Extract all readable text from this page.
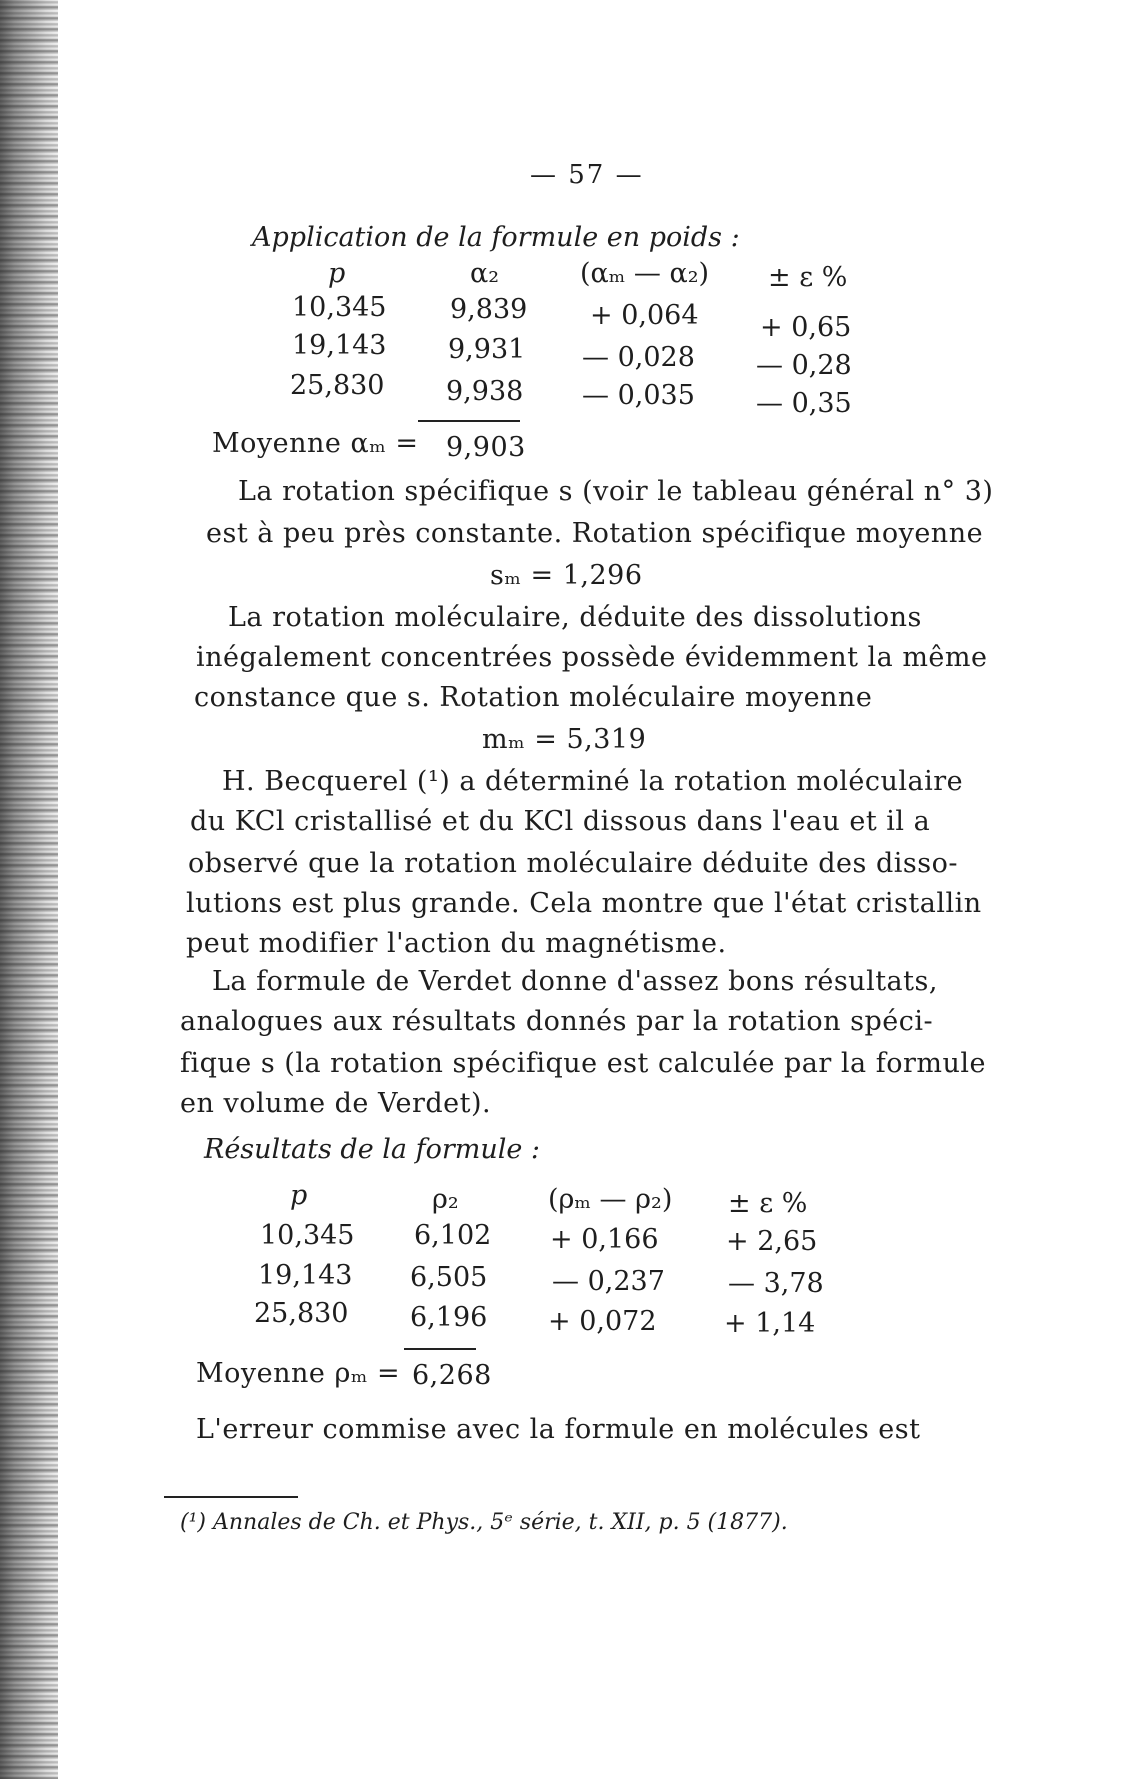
— 57 —
Application de la formule en poids :
p	α₂	(αₘ — α₂) ± ε %
10,345 9,839 + 0,064 + 0,65
19,143 9,931 — 0,028 — 0,28
25,830 9,938 — 0,035 — 0,35
Moyenne αₘ = 9,903
La rotation spécifique s (voir le tableau général n° 3)
est à peu près constante. Rotation spécifique moyenne
sₘ = 1,296
La rotation moléculaire, déduite des dissolutions
inégalement concentrées possède évidemment la même
constance que s. Rotation moléculaire moyenne
mₘ = 5,319
H. Becquerel (¹) a déterminé la rotation moléculaire
du KCl cristallisé et du KCl dissous dans l'eau et il a
observé que la rotation moléculaire déduite des disso-
lutions est plus grande. Cela montre que l'état cristallin
peut modifier l'action du magnétisme.
La formule de Verdet donne d'assez bons résultats,
analogues aux résultats donnés par la rotation spéci-
fique s (la rotation spécifique est calculée par la formule
en volume de Verdet).
Résultats de la formule :
p	ρ₂	(ρₘ — ρ₂) ± ε %
10,345 6,102 + 0,166 + 2,65
19,143 6,505 — 0,237 — 3,78
25,830 6,196 + 0,072 + 1,14
Moyenne ρₘ = 6,268
L'erreur commise avec la formule en molécules est
(¹) Annales de Ch. et Phys., 5ᵉ série, t. XII, p. 5 (1877).
